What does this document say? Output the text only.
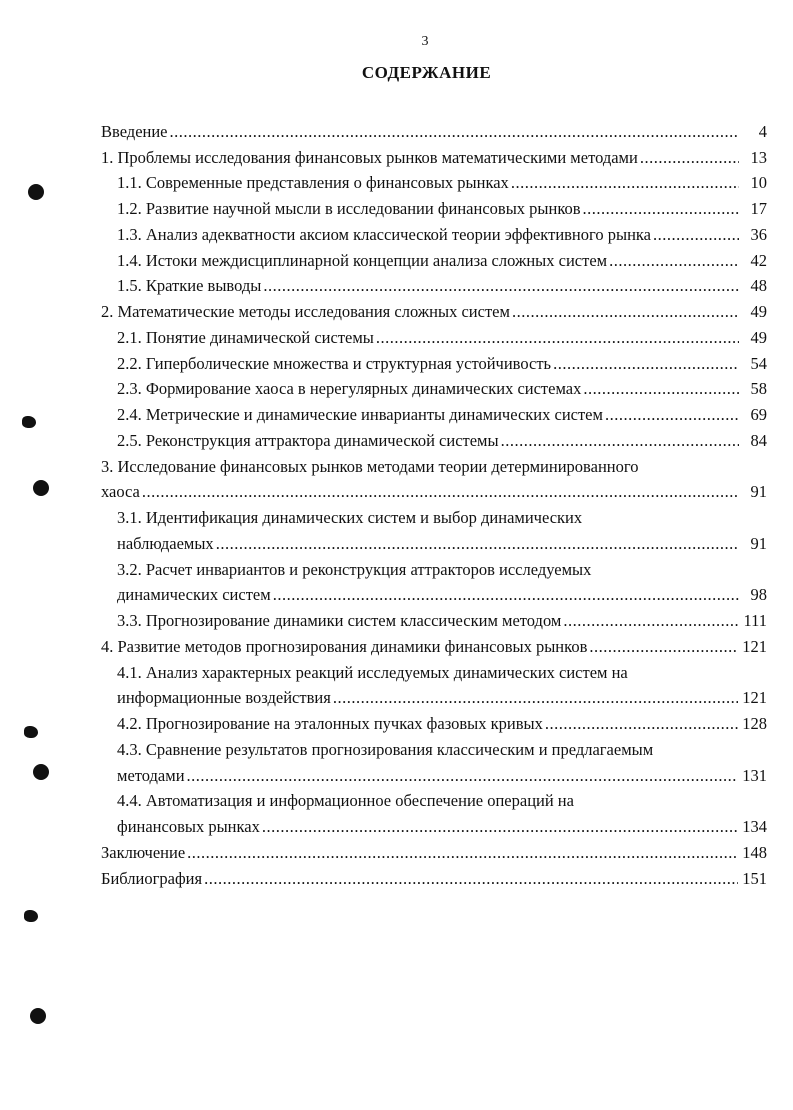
3
СОДЕРЖАНИЕ
Введение .....	4
1. Проблемы исследования финансовых рынков математическими методами .....	13
1.1. Современные представления о финансовых рынках .....	10
1.2. Развитие научной мысли в исследовании финансовых рынков .....	17
1.3. Анализ адекватности аксиом классической теории эффективного рынка .....	36
1.4. Истоки междисциплинарной концепции анализа сложных систем .....	42
1.5. Краткие выводы .....	48
2. Математические методы исследования сложных систем .....	49
2.1. Понятие динамической системы .....	49
2.2. Гиперболические множества и структурная устойчивость .....	54
2.3. Формирование хаоса в нерегулярных динамических системах .....	58
2.4. Метрические и динамические инварианты динамических систем .....	69
2.5. Реконструкция аттрактора динамической системы .....	84
3. Исследование финансовых рынков методами теории детерминированного
хаоса .....	91
3.1. Идентификация динамических систем и выбор динамических
наблюдаемых .....	91
3.2. Расчет инвариантов и реконструкция аттракторов исследуемых
динамических систем .....	98
3.3. Прогнозирование динамики систем классическим методом .....	111
4. Развитие методов прогнозирования динамики финансовых рынков .....	121
4.1. Анализ характерных реакций исследуемых динамических систем на
информационные воздействия .....	121
4.2. Прогнозирование на эталонных пучках фазовых кривых .....	128
4.3. Сравнение результатов прогнозирования классическим и предлагаемым
методами .....	131
4.4. Автоматизация и информационное обеспечение операций на
финансовых рынках .....	134
Заключение .....	148
Библиография .....	151
